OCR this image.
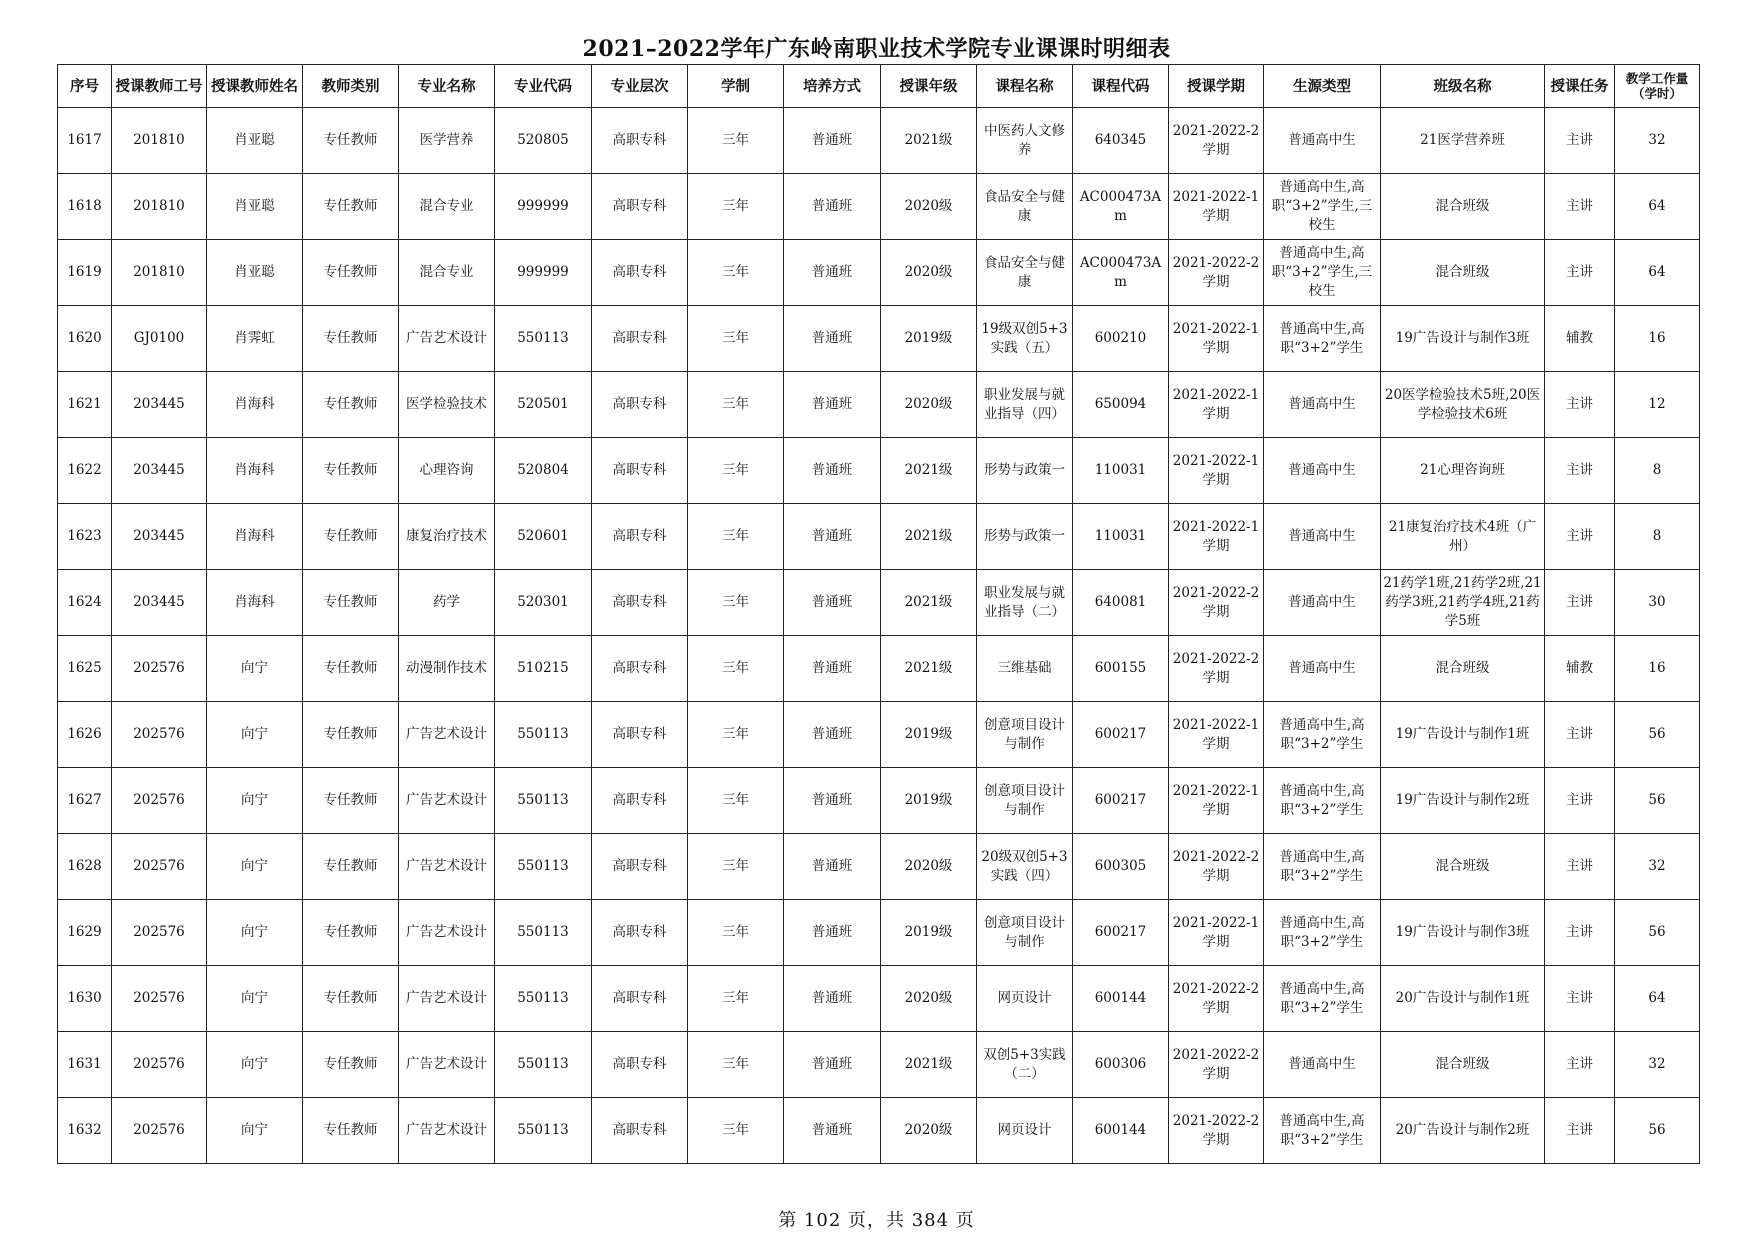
2021–2022学年广东岭南职业技术学院专业课课时明细表
序号	授课教师工号	授课教师姓名	教师类别	专业名称	专业代码	专业层次	学制	培养方式	授课年级	课程名称	课程代码	授课学期	生源类型	班级名称	授课任务	教学工作量（学时）
1617	201810	肖亚聪	专任教师	医学营养	520805	高职专科	三年	普通班	2021级	中医药人文修养	640345	2021-2022-2学期	普通高中生	21医学营养班	主讲	32
1618	201810	肖亚聪	专任教师	混合专业	999999	高职专科	三年	普通班	2020级	食品安全与健康	AC000473Am	2021-2022-1学期	普通高中生,高职“3+2”学生,三校生	混合班级	主讲	64
1619	201810	肖亚聪	专任教师	混合专业	999999	高职专科	三年	普通班	2020级	食品安全与健康	AC000473Am	2021-2022-2学期	普通高中生,高职“3+2”学生,三校生	混合班级	主讲	64
1620	GJ0100	肖霁虹	专任教师	广告艺术设计	550113	高职专科	三年	普通班	2019级	19级双创5+3实践（五）	600210	2021-2022-1学期	普通高中生,高职“3+2”学生	19广告设计与制作3班	辅教	16
1621	203445	肖海科	专任教师	医学检验技术	520501	高职专科	三年	普通班	2020级	职业发展与就业指导（四）	650094	2021-2022-1学期	普通高中生	20医学检验技术5班,20医学检验技术6班	主讲	12
1622	203445	肖海科	专任教师	心理咨询	520804	高职专科	三年	普通班	2021级	形势与政策一	110031	2021-2022-1学期	普通高中生	21心理咨询班	主讲	8
1623	203445	肖海科	专任教师	康复治疗技术	520601	高职专科	三年	普通班	2021级	形势与政策一	110031	2021-2022-1学期	普通高中生	21康复治疗技术4班（广州）	主讲	8
1624	203445	肖海科	专任教师	药学	520301	高职专科	三年	普通班	2021级	职业发展与就业指导（二）	640081	2021-2022-2学期	普通高中生	21药学1班,21药学2班,21药学3班,21药学4班,21药学5班	主讲	30
1625	202576	向宁	专任教师	动漫制作技术	510215	高职专科	三年	普通班	2021级	三维基础	600155	2021-2022-2学期	普通高中生	混合班级	辅教	16
1626	202576	向宁	专任教师	广告艺术设计	550113	高职专科	三年	普通班	2019级	创意项目设计与制作	600217	2021-2022-1学期	普通高中生,高职“3+2”学生	19广告设计与制作1班	主讲	56
1627	202576	向宁	专任教师	广告艺术设计	550113	高职专科	三年	普通班	2019级	创意项目设计与制作	600217	2021-2022-1学期	普通高中生,高职“3+2”学生	19广告设计与制作2班	主讲	56
1628	202576	向宁	专任教师	广告艺术设计	550113	高职专科	三年	普通班	2020级	20级双创5+3实践（四）	600305	2021-2022-2学期	普通高中生,高职“3+2”学生	混合班级	主讲	32
1629	202576	向宁	专任教师	广告艺术设计	550113	高职专科	三年	普通班	2019级	创意项目设计与制作	600217	2021-2022-1学期	普通高中生,高职“3+2”学生	19广告设计与制作3班	主讲	56
1630	202576	向宁	专任教师	广告艺术设计	550113	高职专科	三年	普通班	2020级	网页设计	600144	2021-2022-2学期	普通高中生,高职“3+2”学生	20广告设计与制作1班	主讲	64
1631	202576	向宁	专任教师	广告艺术设计	550113	高职专科	三年	普通班	2021级	双创5+3实践（二）	600306	2021-2022-2学期	普通高中生	混合班级	主讲	32
1632	202576	向宁	专任教师	广告艺术设计	550113	高职专科	三年	普通班	2020级	网页设计	600144	2021-2022-2学期	普通高中生,高职“3+2”学生	20广告设计与制作2班	主讲	56
第 102 页，共 384 页
